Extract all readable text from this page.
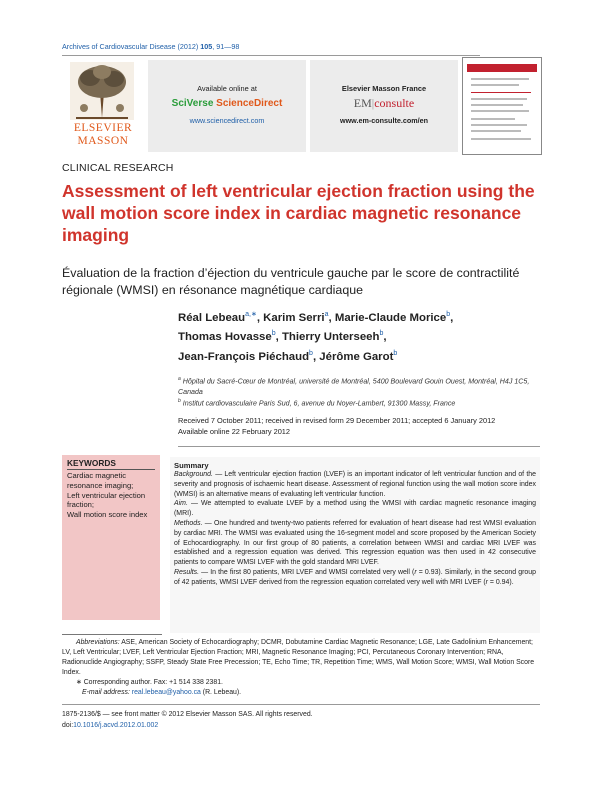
Archives of Cardiovascular Disease (2012) 105, 91—98
ELSEVIER
MASSON
Available online at
SciVerse ScienceDirect
www.sciencedirect.com
Elsevier Masson France
EM|consulte
www.em-consulte.com/en
CLINICAL RESEARCH
Assessment of left ventricular ejection fraction using the wall motion score index in cardiac magnetic resonance imaging
Évaluation de la fraction d’éjection du ventricule gauche par le score de contractilité régionale (WMSI) en résonance magnétique cardiaque
Réal Lebeau$^{a,∗}$, Karim Serri$^a$, Marie-Claude Morice$^b$,
Thomas Hovasse$^b$, Thierry Unterseeh$^b$,
Jean-François Piéchaud$^b$, Jérôme Garot$^b$
$^a$ Hôpital du Sacré-Cœur de Montréal, université de Montréal, 5400 Boulevard Gouin Ouest, Montréal, H4J 1C5, Canada
$^b$ Institut cardiovasculaire Paris Sud, 6, avenue du Noyer-Lambert, 91300 Massy, France
Received 7 October 2011; received in revised form 29 December 2011; accepted 6 January 2012
Available online 22 February 2012
KEYWORDS
Cardiac magnetic resonance imaging;
Left ventricular ejection fraction;
Wall motion score index
Summary

Background. — Left ventricular ejection fraction (LVEF) is an important indicator of left ventricular function and of the severity and prognosis of ischaemic heart disease. Assessment of regional function using the wall motion score index (WMSI) is an alternative means of evaluating left ventricular function.

Aim. — We attempted to evaluate LVEF by a method using the WMSI with cardiac magnetic resonance imaging (MRI).

Methods. — One hundred and twenty-two patients referred for evaluation of heart disease had rest WMSI evaluation by cardiac MRI. The WMSI was evaluated using the 16-segment model and score proposed by the American Society of Echocardiography. In our first group of 80 patients, a correlation between WMSI and cardiac MRI LVEF was established and a regression equation was derived. This regression equation was then used in 42 consecutive patients to compare WMSI LVEF with the gold standard MRI LVEF.

Results. — In the first 80 patients, MRI LVEF and WMSI correlated very well (r = 0.93). Similarly, in the second group of 42 patients, WMSI LVEF derived from the regression equation correlated very well with MRI LVEF (r = 0.94).

Abbreviations: ASE, American Society of Echocardiography; DCMR, Dobutamine Cardiac Magnetic Resonance; LGE, Late Gadolinium Enhancement; LV, Left Ventricular; LVEF, Left Ventricular Ejection Fraction; MRI, Magnetic Resonance Imaging; PCI, Percutaneous Coronary Intervention; RNA, Radionuclide Angiography; SSFP, Steady State Free Precession; TE, Echo Time; TR, Repetition Time; WMS, Wall Motion Score; WMSI, Wall Motion Score Index.
∗ Corresponding author. Fax: +1 514 338 2381.
E-mail address: real.lebeau@yahoo.ca (R. Lebeau).
1875-2136/$ — see front matter © 2012 Elsevier Masson SAS. All rights reserved.
doi:10.1016/j.acvd.2012.01.002
